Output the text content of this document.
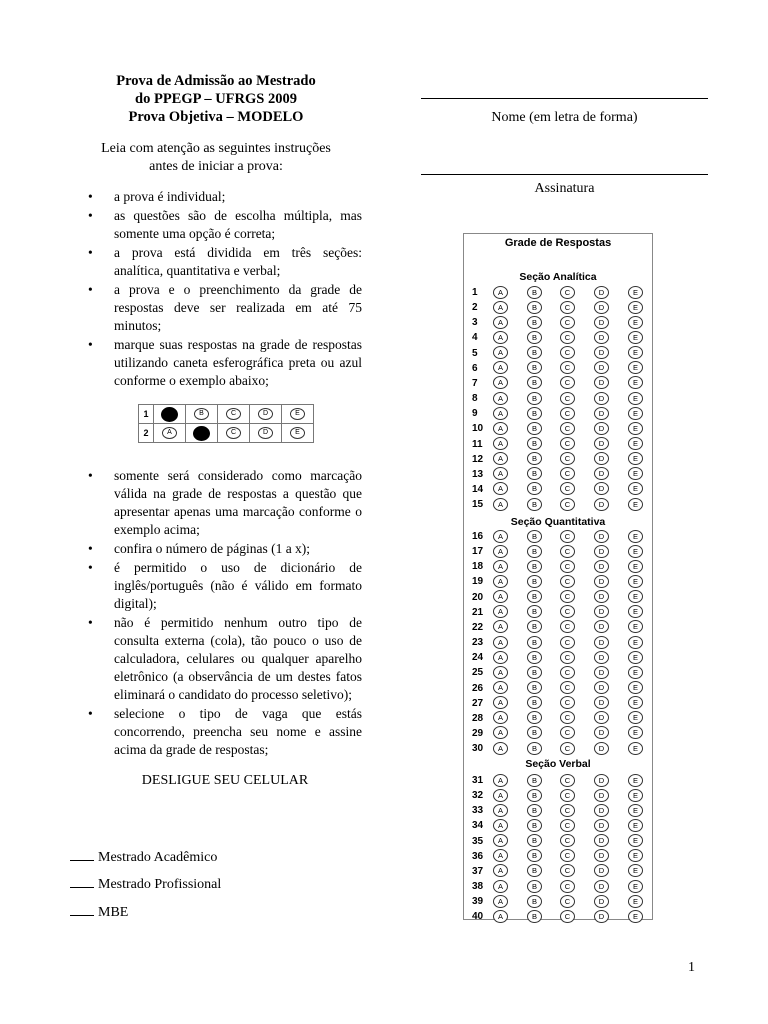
Prova de Admissão ao Mestrado
do PPEGP – UFRGS 2009
Prova Objetiva – MODELO
Leia com atenção as seguintes instruções
antes de iniciar a prova:
• a prova é individual;
• as questões são de escolha múltipla, mas somente uma opção é correta;
• a prova está dividida em três seções: analítica, quantitativa e verbal;
• a prova e o preenchimento da grade de respostas deve ser realizada em até 75 minutos;
• marque suas respostas na grade de respostas utilizando caneta esferográfica preta ou azul conforme o exemplo abaixo;
1	A	B	C	D	E
2	A	B	C	D	E
• somente será considerado como marcação válida na grade de respostas a questão que apresentar apenas uma marcação conforme o exemplo acima;
• confira o número de páginas (1 a x);
• é permitido o uso de dicionário de inglês/português (não é válido em formato digital);
• não é permitido nenhum outro tipo de consulta externa (cola), tão pouco o uso de calculadora, celulares ou qualquer aparelho eletrônico (a observância de um destes fatos eliminará o candidato do processo seletivo);
• selecione o tipo de vaga que estás concorrendo, preencha seu nome e assine acima da grade de respostas;
DESLIGUE SEU CELULAR
Mestrado Acadêmico
Mestrado Profissional
MBE
Nome (em letra de forma)
Assinatura
Grade de Respostas
Seção Analítica
1	A	B	C	D	E
2	A	B	C	D	E
3	A	B	C	D	E
4	A	B	C	D	E
5	A	B	C	D	E
6	A	B	C	D	E
7	A	B	C	D	E
8	A	B	C	D	E
9	A	B	C	D	E
10	A	B	C	D	E
11	A	B	C	D	E
12	A	B	C	D	E
13	A	B	C	D	E
14	A	B	C	D	E
15	A	B	C	D	E
Seção Quantitativa
16	A	B	C	D	E
17	A	B	C	D	E
18	A	B	C	D	E
19	A	B	C	D	E
20	A	B	C	D	E
21	A	B	C	D	E
22	A	B	C	D	E
23	A	B	C	D	E
24	A	B	C	D	E
25	A	B	C	D	E
26	A	B	C	D	E
27	A	B	C	D	E
28	A	B	C	D	E
29	A	B	C	D	E
30	A	B	C	D	E
Seção Verbal
31	A	B	C	D	E
32	A	B	C	D	E
33	A	B	C	D	E
34	A	B	C	D	E
35	A	B	C	D	E
36	A	B	C	D	E
37	A	B	C	D	E
38	A	B	C	D	E
39	A	B	C	D	E
40	A	B	C	D	E
1
